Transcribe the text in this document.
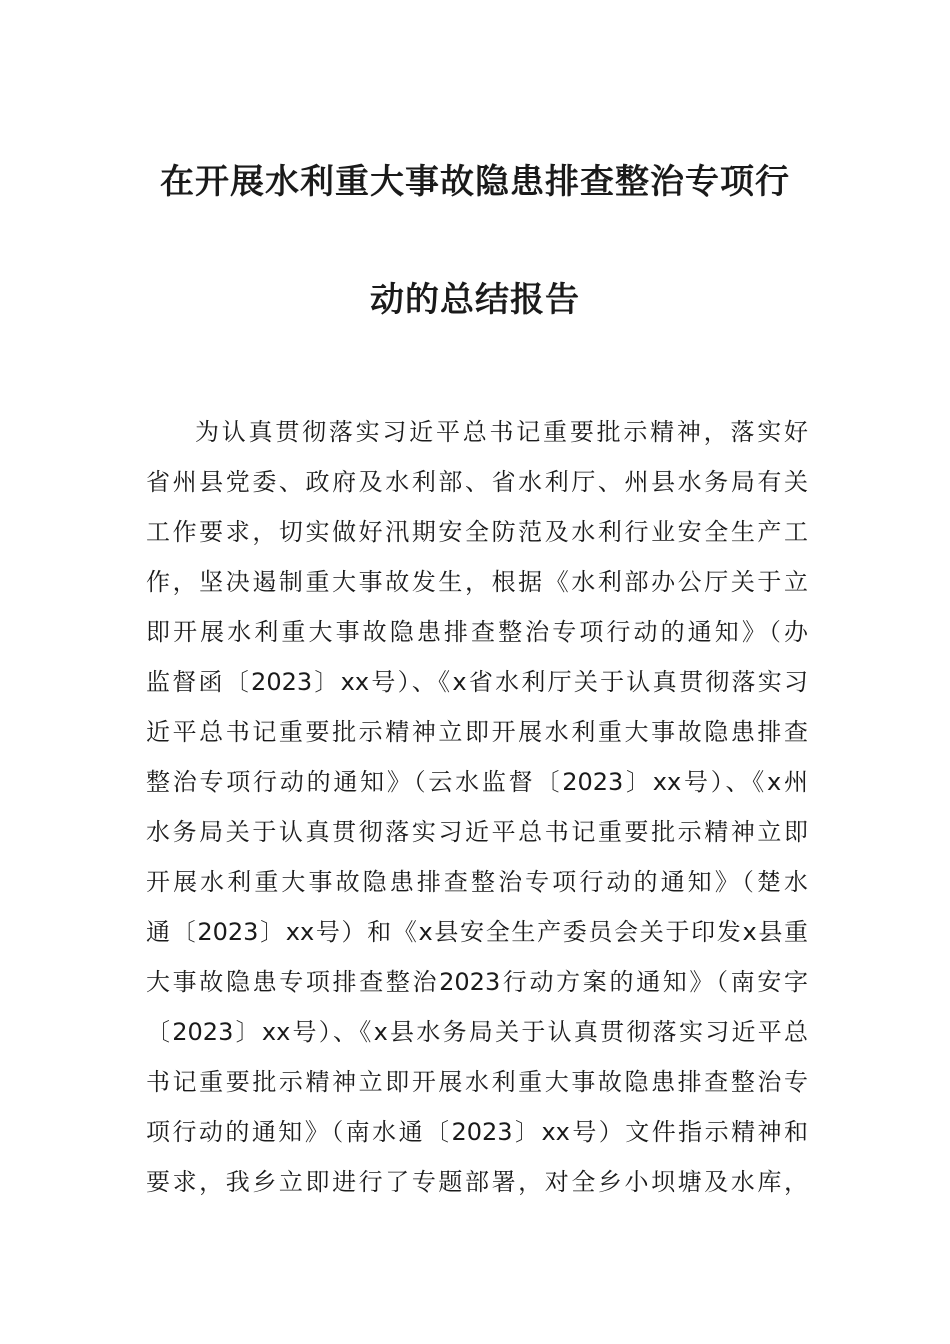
在开展水利重大事故隐患排查整治专项行
动的总结报告
为认真贯彻落实习近平总书记重要批示精神，落实好
省州县党委、政府及水利部、省水利厅、州县水务局有关
工作要求，切实做好汛期安全防范及水利行业安全生产工
作，坚决遏制重大事故发生，根据《水利部办公厅关于立
即开展水利重大事故隐患排查整治专项行动的通知》（办
监督函〔2023〕xx号）、《x省水利厅关于认真贯彻落实习
近平总书记重要批示精神立即开展水利重大事故隐患排查
整治专项行动的通知》（云水监督〔2023〕xx号）、《x州
水务局关于认真贯彻落实习近平总书记重要批示精神立即
开展水利重大事故隐患排查整治专项行动的通知》（楚水
通〔2023〕xx号）和《x县安全生产委员会关于印发x县重
大事故隐患专项排查整治2023行动方案的通知》（南安字
〔2023〕xx号）、《x县水务局关于认真贯彻落实习近平总
书记重要批示精神立即开展水利重大事故隐患排查整治专
项行动的通知》（南水通〔2023〕xx号）文件指示精神和
要求，我乡立即进行了专题部署，对全乡小坝塘及水库，
